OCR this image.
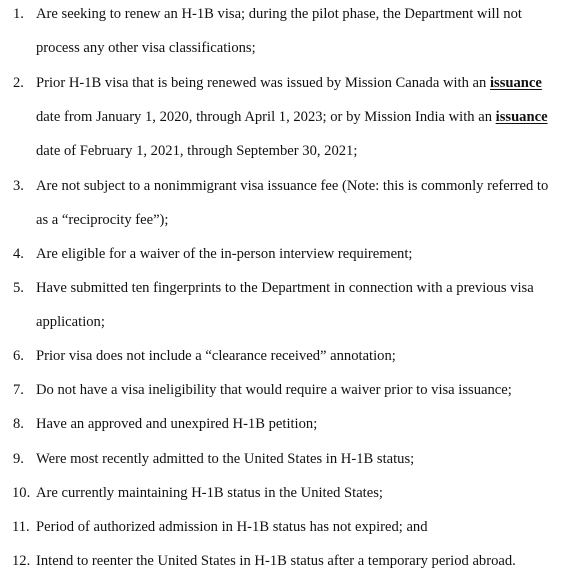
1. Are seeking to renew an H-1B visa; during the pilot phase, the Department will not
process any other visa classifications;
2. Prior H-1B visa that is being renewed was issued by Mission Canada with an issuance
date from January 1, 2020, through April 1, 2023; or by Mission India with an issuance
date of February 1, 2021, through September 30, 2021;
3. Are not subject to a nonimmigrant visa issuance fee (Note: this is commonly referred to
as a “reciprocity fee”);
4. Are eligible for a waiver of the in-person interview requirement;
5. Have submitted ten fingerprints to the Department in connection with a previous visa
application;
6. Prior visa does not include a “clearance received” annotation;
7. Do not have a visa ineligibility that would require a waiver prior to visa issuance;
8. Have an approved and unexpired H-1B petition;
9. Were most recently admitted to the United States in H-1B status;
10. Are currently maintaining H-1B status in the United States;
11. Period of authorized admission in H-1B status has not expired; and
12. Intend to reenter the United States in H-1B status after a temporary period abroad.
